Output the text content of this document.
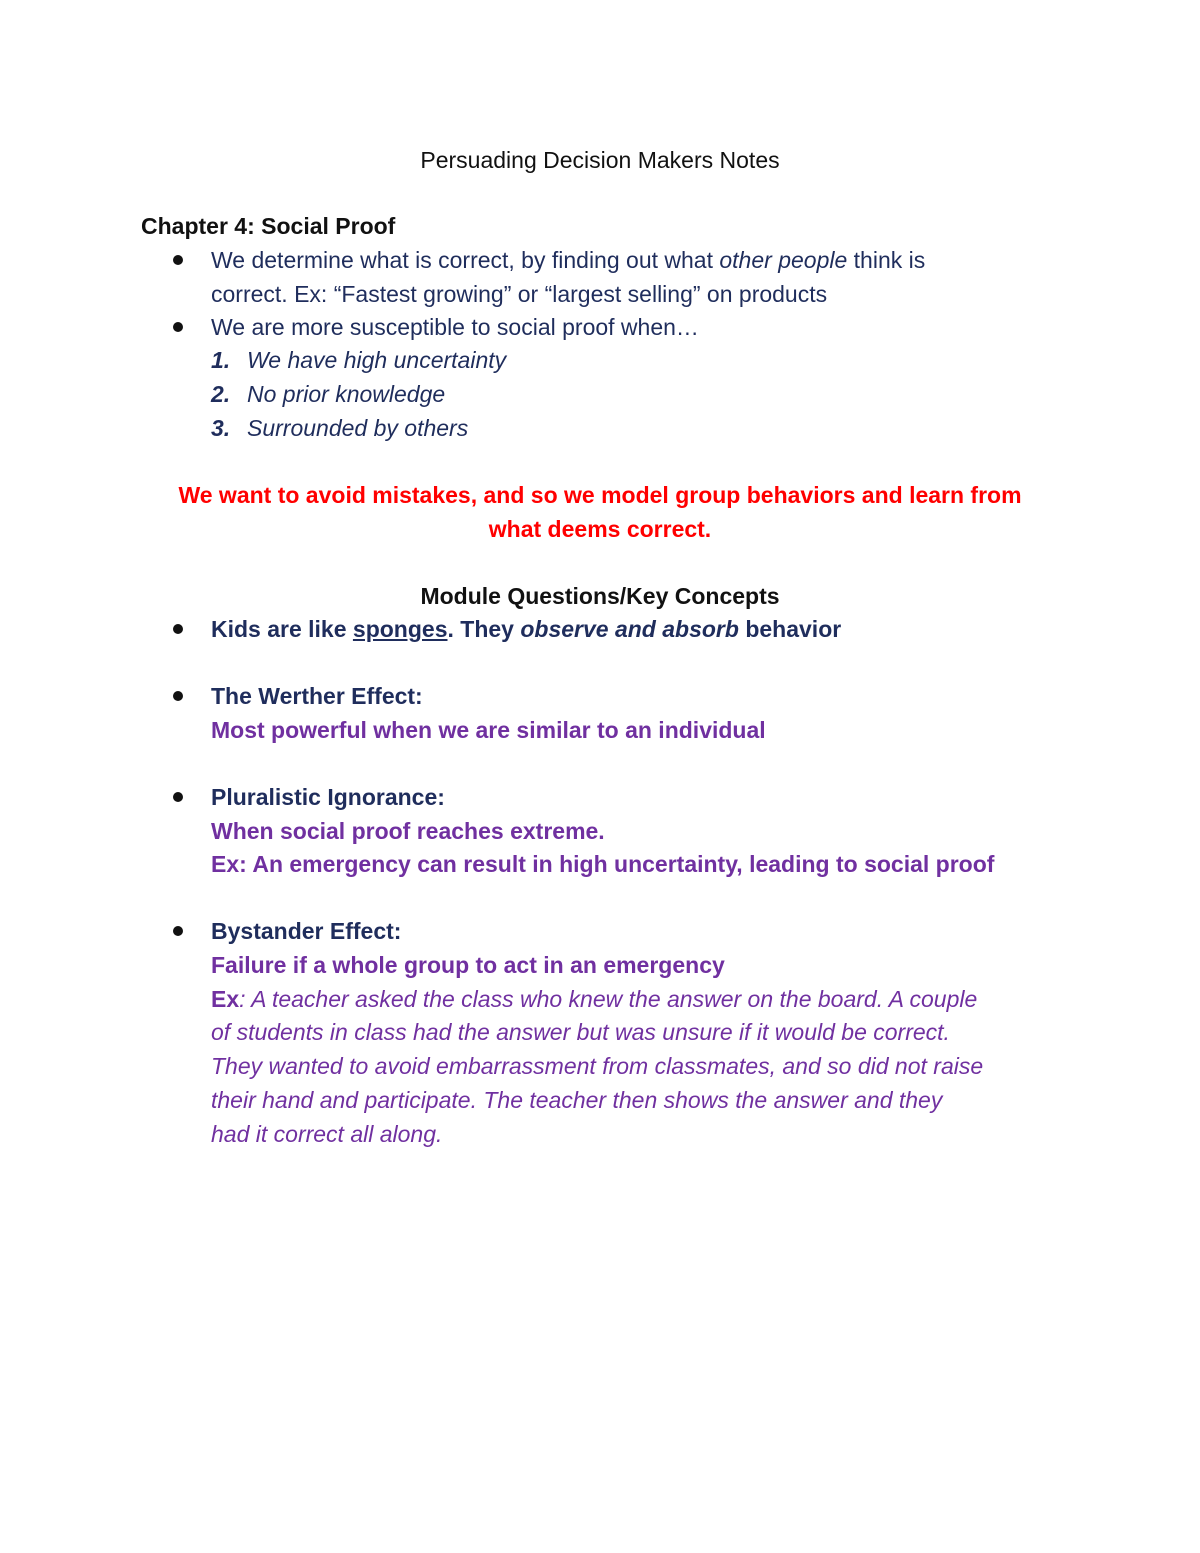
Persuading Decision Makers Notes
Chapter 4: Social Proof
We determine what is correct, by finding out what other people think is
correct. Ex: “Fastest growing” or “largest selling” on products
We are more susceptible to social proof when…
1. We have high uncertainty
2. No prior knowledge
3. Surrounded by others
We want to avoid mistakes, and so we model group behaviors and learn from
what deems correct.
Module Questions/Key Concepts
Kids are like sponges. They observe and absorb behavior
The Werther Effect:
Most powerful when we are similar to an individual
Pluralistic Ignorance:
When social proof reaches extreme.
Ex: An emergency can result in high uncertainty, leading to social proof
Bystander Effect:
Failure if a whole group to act in an emergency
Ex: A teacher asked the class who knew the answer on the board. A couple
of students in class had the answer but was unsure if it would be correct.
They wanted to avoid embarrassment from classmates, and so did not raise
their hand and participate. The teacher then shows the answer and they
had it correct all along.
